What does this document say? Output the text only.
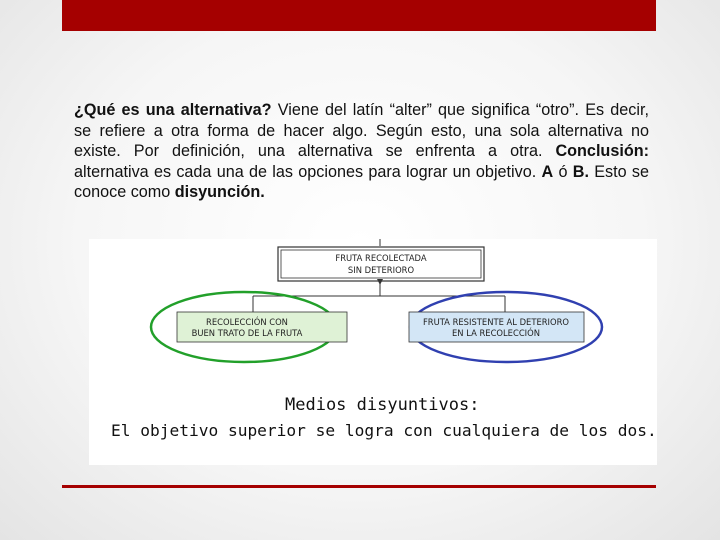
¿Qué es una alternativa? Viene del latín “alter” que significa “otro”. Es decir, se refiere a otra forma de hacer algo. Según esto, una sola alternativa no existe. Por definición, una alternativa se enfrenta a otra. Conclusión: alternativa es cada una de las opciones para lograr un objetivo. A ó B. Esto se conoce como disyunción.
FRUTA RECOLECTADA
SIN DETERIORO
RECOLECCIÓN CON
BUEN TRATO DE LA FRUTA
FRUTA RESISTENTE AL DETERIORO
EN LA RECOLECCIÓN
Medios disyuntivos:
El objetivo superior se logra con cualquiera de los dos.
